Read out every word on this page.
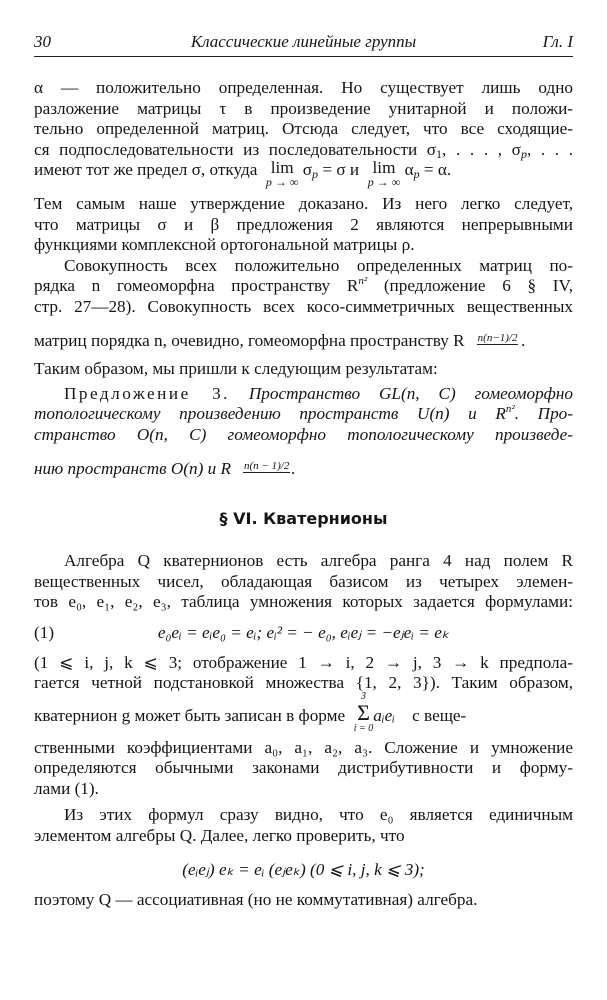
30	Классические линейные группы	Гл. I
α — положительно определенная. Но существует лишь одно
разложение матрицы τ в произведение унитарной и положи-
тельно определенной матриц. Отсюда следует, что все сходящие-
ся подпоследовательности из последовательности σ1, . . . , σp, . . .
имеют тот же предел σ, откуда lim
p → ∞
σp = σ и lim
p → ∞
αp = α.
Тем самым наше утверждение доказано. Из него легко следует,
что матрицы σ и β предложения 2 являются непрерывными
функциями комплексной ортогональной матрицы ρ.
Совокупность всех положительно определенных матриц по-
рядка n гомеоморфна пространству $R^{n^2}$ (предложение 6 § IV,
стр. 27—28). Совокупность всех косо-симметричных вещественных
матриц порядка n, очевидно, гомеоморфна пространству R n(n−1)/2 .
Таким образом, мы пришли к следующим результатам:
Предложение 3. Пространство GL(n, C) гомеоморфно
топологическому произведению пространств U(n) и $R^{n^2}$. Про-
странство O(n, C) гомеоморфно топологическому произведе-
нию пространств O(n) и R n(n − 1)/2
.
§ VI. Кватернионы
Алгебра Q кватернионов есть алгебра ранга 4 над полем R
вещественных чисел, обладающая базисом из четырех элемен-
тов e₀, e₁, e₂, e₃, таблица умножения которых задается формулами:
(1)	e₀eᵢ = eᵢe₀ = eᵢ; eᵢ² = − e₀, eᵢeⱼ = −eⱼeᵢ = eₖ
(1 ⩽ i, j, k ⩽ 3; отображение 1 → i, 2 → j, 3 → k предпола-
гается четной подстановкой множества {1, 2, 3}). Таким образом,
кватернион g может быть записан в форме
3
Σ
i = 0
aᵢeᵢ с веще-
ственными коэффициентами a₀, a₁, a₂, a₃. Сложение и умножение
определяются обычными законами дистрибутивности и форму-
лами (1).
Из этих формул сразу видно, что e₀ является единичным
элементом алгебры Q. Далее, легко проверить, что
(eᵢeⱼ) eₖ = eᵢ (eⱼeₖ) (0 ⩽ i, j, k ⩽ 3);
поэтому Q — ассоциативная (но не коммутативная) алгебра.
